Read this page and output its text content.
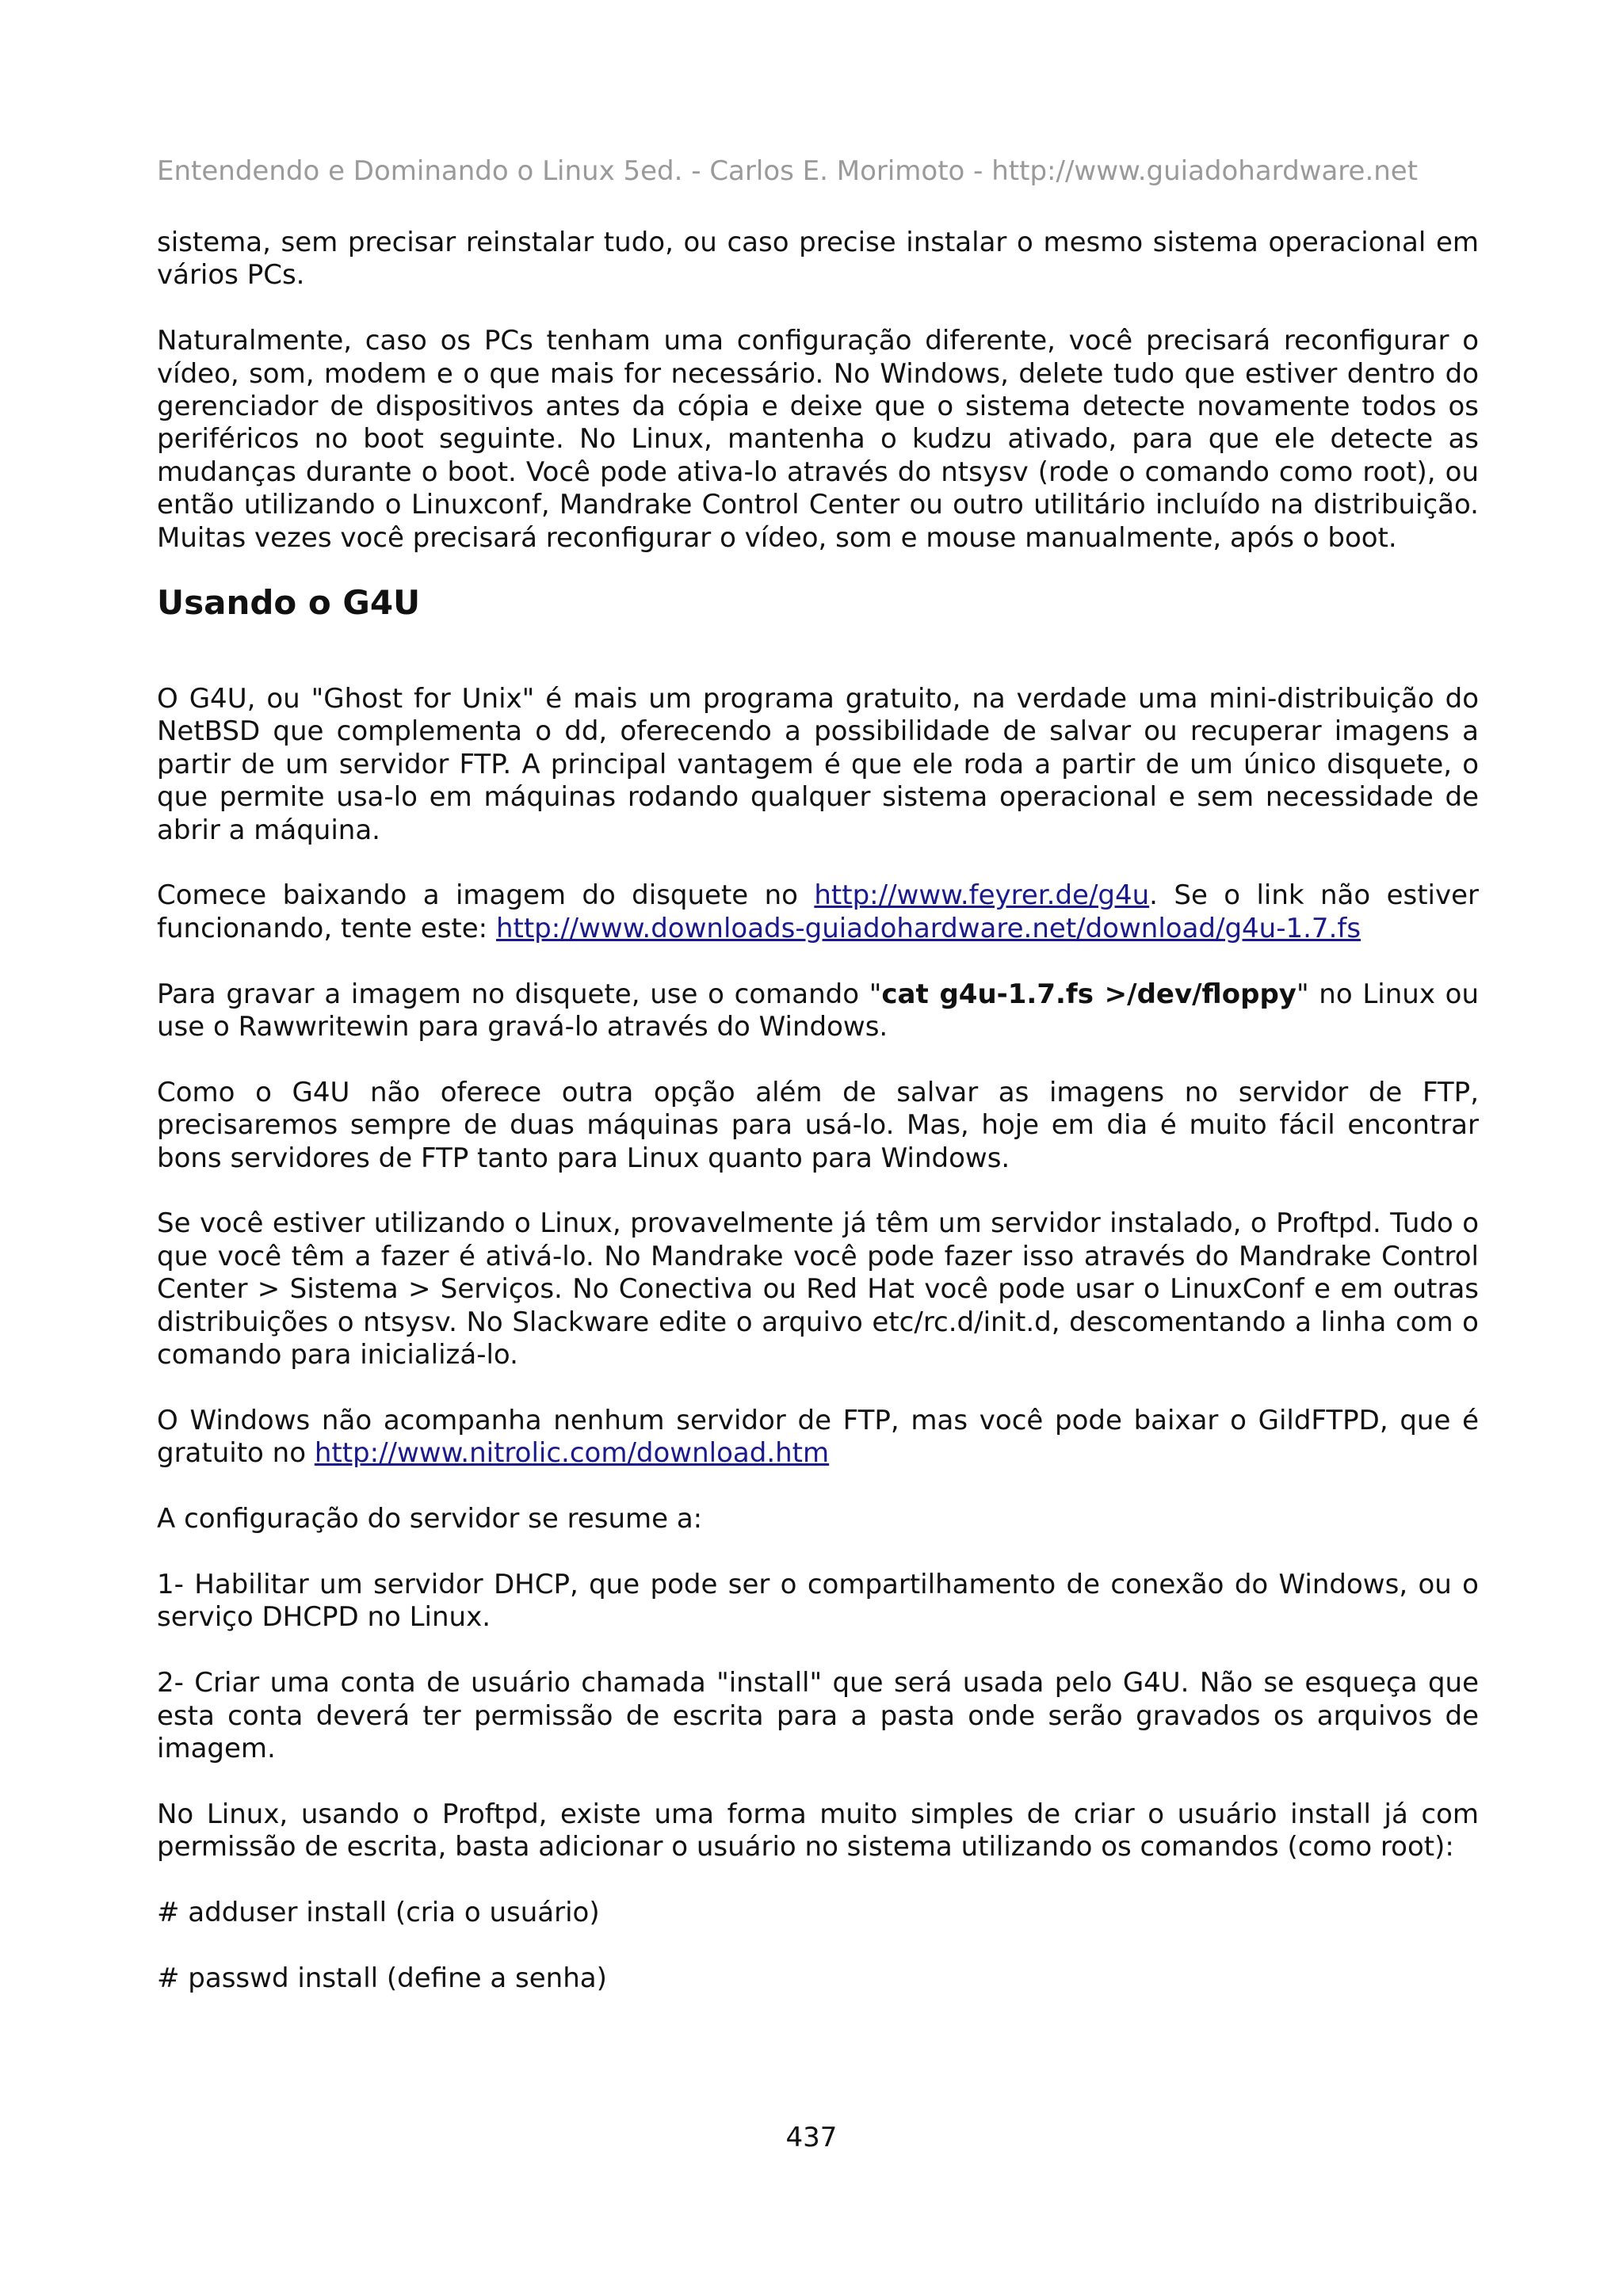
Entendendo e Dominando o Linux 5ed. - Carlos E. Morimoto - http://www.guiadohardware.net

sistema, sem precisar reinstalar tudo, ou caso precise instalar o mesmo sistema operacional em vários PCs.

Naturalmente, caso os PCs tenham uma configuração diferente, você precisará reconfigurar o vídeo, som, modem e o que mais for necessário. No Windows, delete tudo que estiver dentro do gerenciador de dispositivos antes da cópia e deixe que o sistema detecte novamente todos os periféricos no boot seguinte. No Linux, mantenha o kudzu ativado, para que ele detecte as mudanças durante o boot. Você pode ativa-lo através do ntsysv (rode o comando como root), ou então utilizando o Linuxconf, Mandrake Control Center ou outro utilitário incluído na distribuição. Muitas vezes você precisará reconfigurar o vídeo, som e mouse manualmente, após o boot.

Usando o G4U

O G4U, ou "Ghost for Unix" é mais um programa gratuito, na verdade uma mini-distribuição do NetBSD que complementa o dd, oferecendo a possibilidade de salvar ou recuperar imagens a partir de um servidor FTP. A principal vantagem é que ele roda a partir de um único disquete, o que permite usa-lo em máquinas rodando qualquer sistema operacional e sem necessidade de abrir a máquina.

Comece baixando a imagem do disquete no http://www.feyrer.de/g4u. Se o link não estiver funcionando, tente este: http://www.downloads-guiadohardware.net/download/g4u-1.7.fs

Para gravar a imagem no disquete, use o comando "cat g4u-1.7.fs >/dev/floppy" no Linux ou use o Rawwritewin para gravá-lo através do Windows.

Como o G4U não oferece outra opção além de salvar as imagens no servidor de FTP, precisaremos sempre de duas máquinas para usá-lo. Mas, hoje em dia é muito fácil encontrar bons servidores de FTP tanto para Linux quanto para Windows.

Se você estiver utilizando o Linux, provavelmente já têm um servidor instalado, o Proftpd. Tudo o que você têm a fazer é ativá-lo. No Mandrake você pode fazer isso através do Mandrake Control Center > Sistema > Serviços. No Conectiva ou Red Hat você pode usar o LinuxConf e em outras distribuições o ntsysv. No Slackware edite o arquivo etc/rc.d/init.d, descomentando a linha com o comando para inicializá-lo.

O Windows não acompanha nenhum servidor de FTP, mas você pode baixar o GildFTPD, que é gratuito no http://www.nitrolic.com/download.htm

A configuração do servidor se resume a:

1- Habilitar um servidor DHCP, que pode ser o compartilhamento de conexão do Windows, ou o serviço DHCPD no Linux.

2- Criar uma conta de usuário chamada "install" que será usada pelo G4U. Não se esqueça que esta conta deverá ter permissão de escrita para a pasta onde serão gravados os arquivos de imagem.

No Linux, usando o Proftpd, existe uma forma muito simples de criar o usuário install já com permissão de escrita, basta adicionar o usuário no sistema utilizando os comandos (como root):

# adduser install (cria o usuário)

# passwd install (define a senha)

437
